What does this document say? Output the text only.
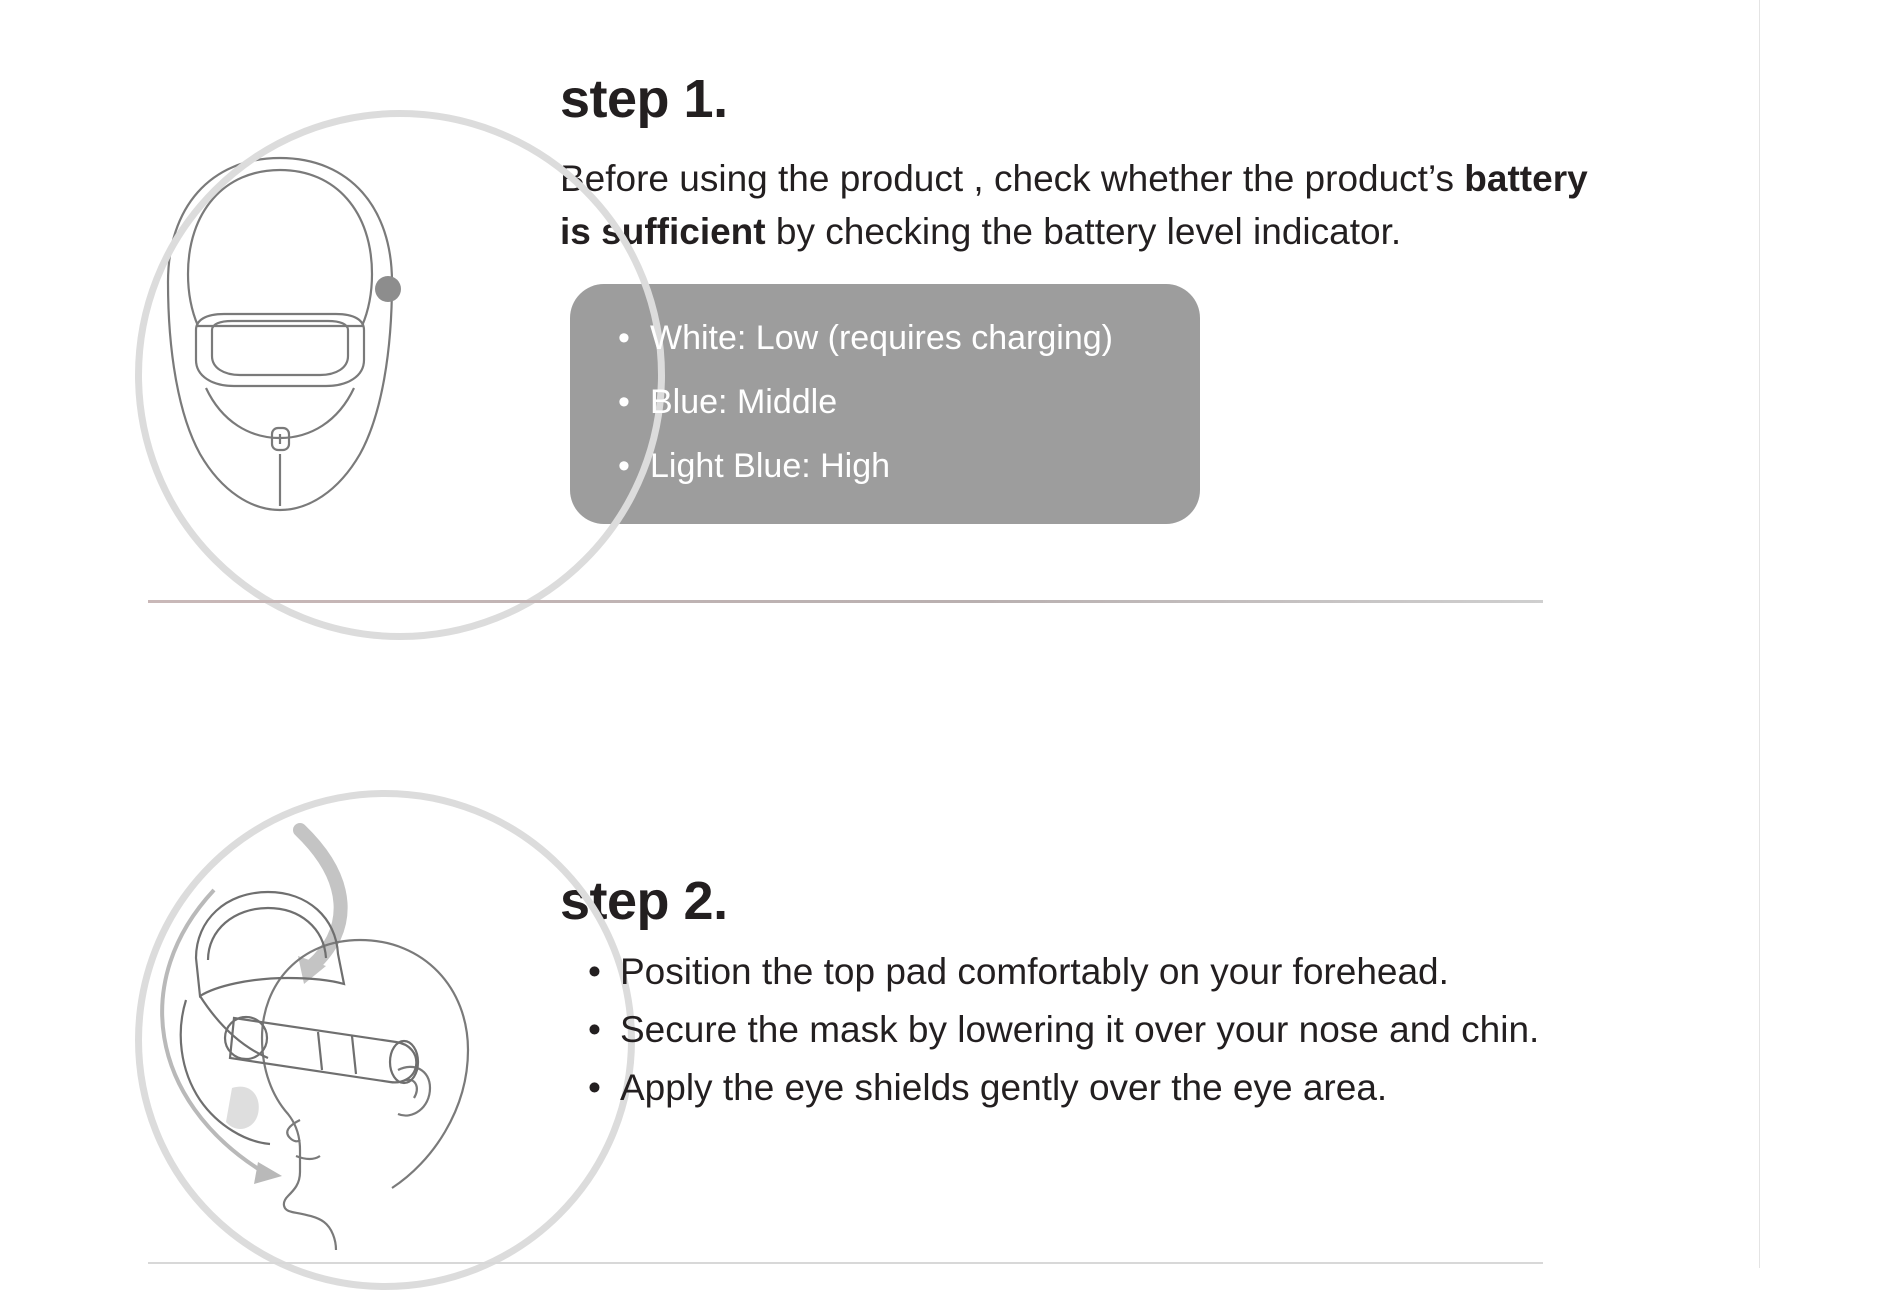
step 1.

Before using the product , check whether the product’s battery is sufficient by checking the battery level indicator.

• White: Low (requires charging)
• Blue: Middle
• Light Blue: High
step 2.
• Position the top pad comfortably on your forehead.
• Secure the mask by lowering it over your nose and chin.
• Apply the eye shields gently over the eye area.
